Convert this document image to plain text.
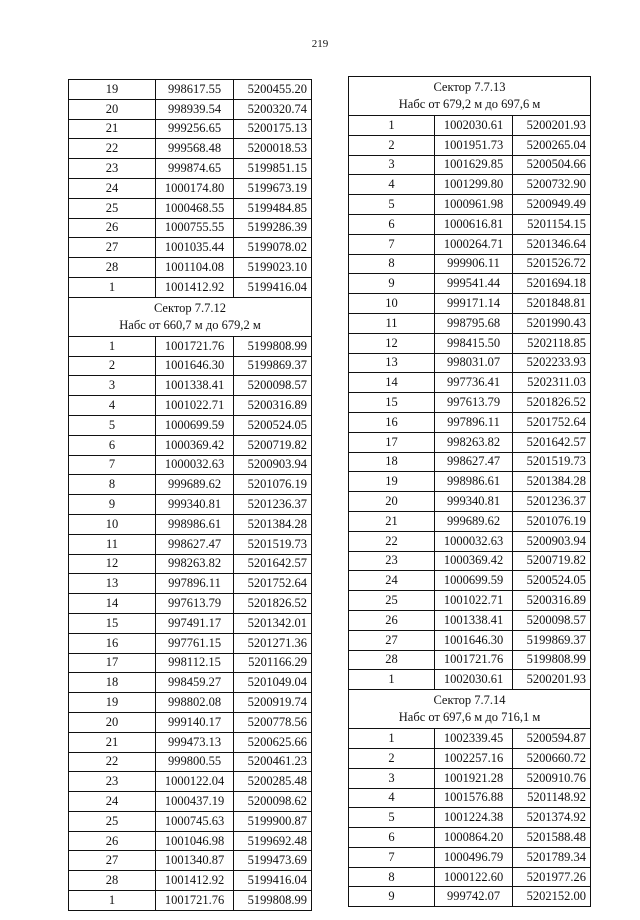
219
19	998617.55	5200455.20
20	998939.54	5200320.74
21	999256.65	5200175.13
22	999568.48	5200018.53
23	999874.65	5199851.15
24	1000174.80	5199673.19
25	1000468.55	5199484.85
26	1000755.55	5199286.39
27	1001035.44	5199078.02
28	1001104.08	5199023.10
1	1001412.92	5199416.04

Сектор 7.7.12
Набс от 660,7 м до 679,2 м		

1	1001721.76	5199808.99
2	1001646.30	5199869.37
3	1001338.41	5200098.57
4	1001022.71	5200316.89
5	1000699.59	5200524.05
6	1000369.42	5200719.82
7	1000032.63	5200903.94
8	999689.62	5201076.19
9	999340.81	5201236.37
10	998986.61	5201384.28
11	998627.47	5201519.73
12	998263.82	5201642.57
13	997896.11	5201752.64
14	997613.79	5201826.52
15	997491.17	5201342.01
16	997761.15	5201271.36
17	998112.15	5201166.29
18	998459.27	5201049.04
19	998802.08	5200919.74
20	999140.17	5200778.56
21	999473.13	5200625.66
22	999800.55	5200461.23
23	1000122.04	5200285.48
24	1000437.19	5200098.62
25	1000745.63	5199900.87
26	1001046.98	5199692.48
27	1001340.87	5199473.69
28	1001412.92	5199416.04
1	1001721.76	5199808.99
Сектор 7.7.13
Набс от 679,2 м до 697,6 м		

1	1002030.61	5200201.93
2	1001951.73	5200265.04
3	1001629.85	5200504.66
4	1001299.80	5200732.90
5	1000961.98	5200949.49
6	1000616.81	5201154.15
7	1000264.71	5201346.64
8	999906.11	5201526.72
9	999541.44	5201694.18
10	999171.14	5201848.81
11	998795.68	5201990.43
12	998415.50	5202118.85
13	998031.07	5202233.93
14	997736.41	5202311.03
15	997613.79	5201826.52
16	997896.11	5201752.64
17	998263.82	5201642.57
18	998627.47	5201519.73
19	998986.61	5201384.28
20	999340.81	5201236.37
21	999689.62	5201076.19
22	1000032.63	5200903.94
23	1000369.42	5200719.82
24	1000699.59	5200524.05
25	1001022.71	5200316.89
26	1001338.41	5200098.57
27	1001646.30	5199869.37
28	1001721.76	5199808.99
1	1002030.61	5200201.93

Сектор 7.7.14
Набс от 697,6 м до 716,1 м		

1	1002339.45	5200594.87
2	1002257.16	5200660.72
3	1001921.28	5200910.76
4	1001576.88	5201148.92
5	1001224.38	5201374.92
6	1000864.20	5201588.48
7	1000496.79	5201789.34
8	1000122.60	5201977.26
9	999742.07	5202152.00
